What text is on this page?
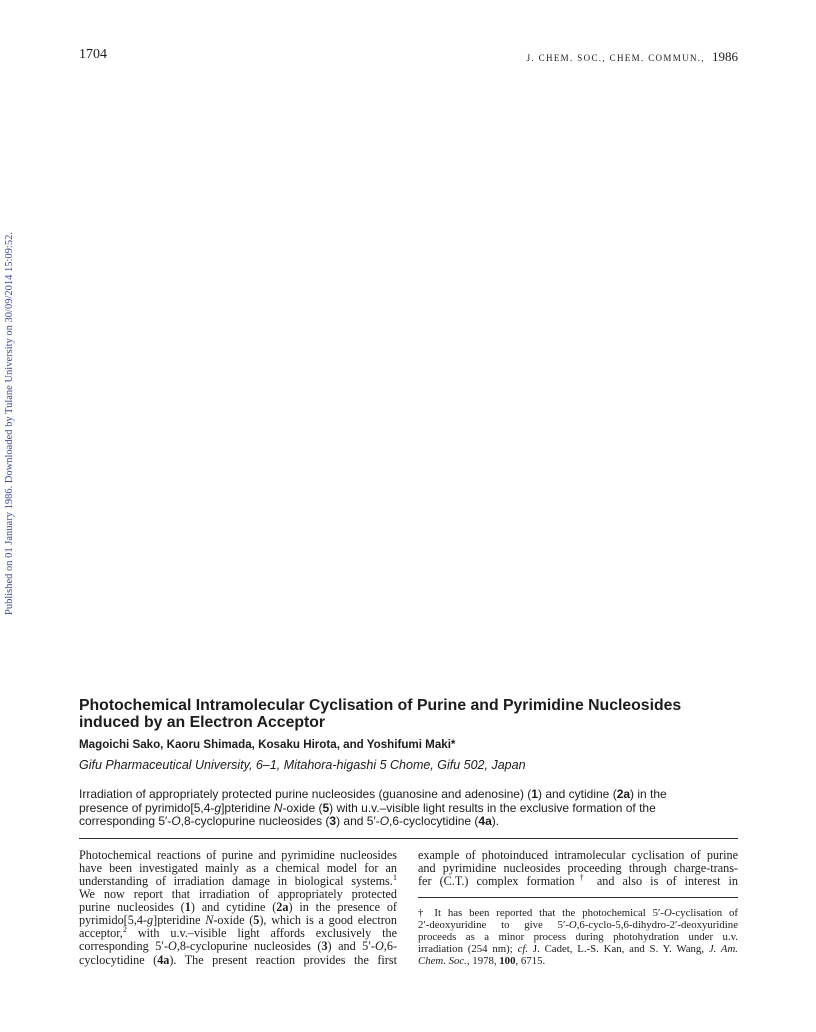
1704	J. CHEM. SOC., CHEM. COMMUN., 1986
Published on 01 January 1986. Downloaded by Tulane University on 30/09/2014 15:09:52.
Photochemical Intramolecular Cyclisation of Purine and Pyrimidine Nucleosides
induced by an Electron Acceptor
Magoichi Sako, Kaoru Shimada, Kosaku Hirota, and Yoshifumi Maki*
Gifu Pharmaceutical University, 6–1, Mitahora-higashi 5 Chome, Gifu 502, Japan
Irradiation of appropriately protected purine nucleosides (guanosine and adenosine) (1) and cytidine (2a) in the
presence of pyrimido[5,4-g]pteridine N-oxide (5) with u.v.–visible light results in the exclusive formation of the
corresponding 5′-O,8-cyclopurine nucleosides (3) and 5′-O,6-cyclocytidine (4a).
Photochemical reactions of purine and pyrimidine nucleosides
have been investigated mainly as a chemical model for an
understanding of irradiation damage in biological systems.$^1$
We now report that irradiation of appropriately protected
purine nucleosides (1) and cytidine (2a) in the presence of
pyrimido[5,4-g]pteridine N-oxide (5), which is a good electron
acceptor,$^2$ with u.v.–visible light affords exclusively the
corresponding 5′-O,8-cyclopurine nucleosides (3) and 5′-O,6-
cyclocytidine (4a). The present reaction provides the first
example of photoinduced intramolecular cyclisation of purine
and pyrimidine nucleosides proceeding through charge-trans-
fer (C.T.) complex formation† and also is of interest in
† It has been reported that the photochemical 5′-O-cyclisation of
2′-deoxyuridine to give 5′-O,6-cyclo-5,6-dihydro-2′-deoxyuridine
proceeds as a minor process during photohydration under u.v.
irradiation (254 nm); cf. J. Cadet, L.-S. Kan, and S. Y. Wang, J. Am.
Chem. Soc., 1978, 100, 6715.
